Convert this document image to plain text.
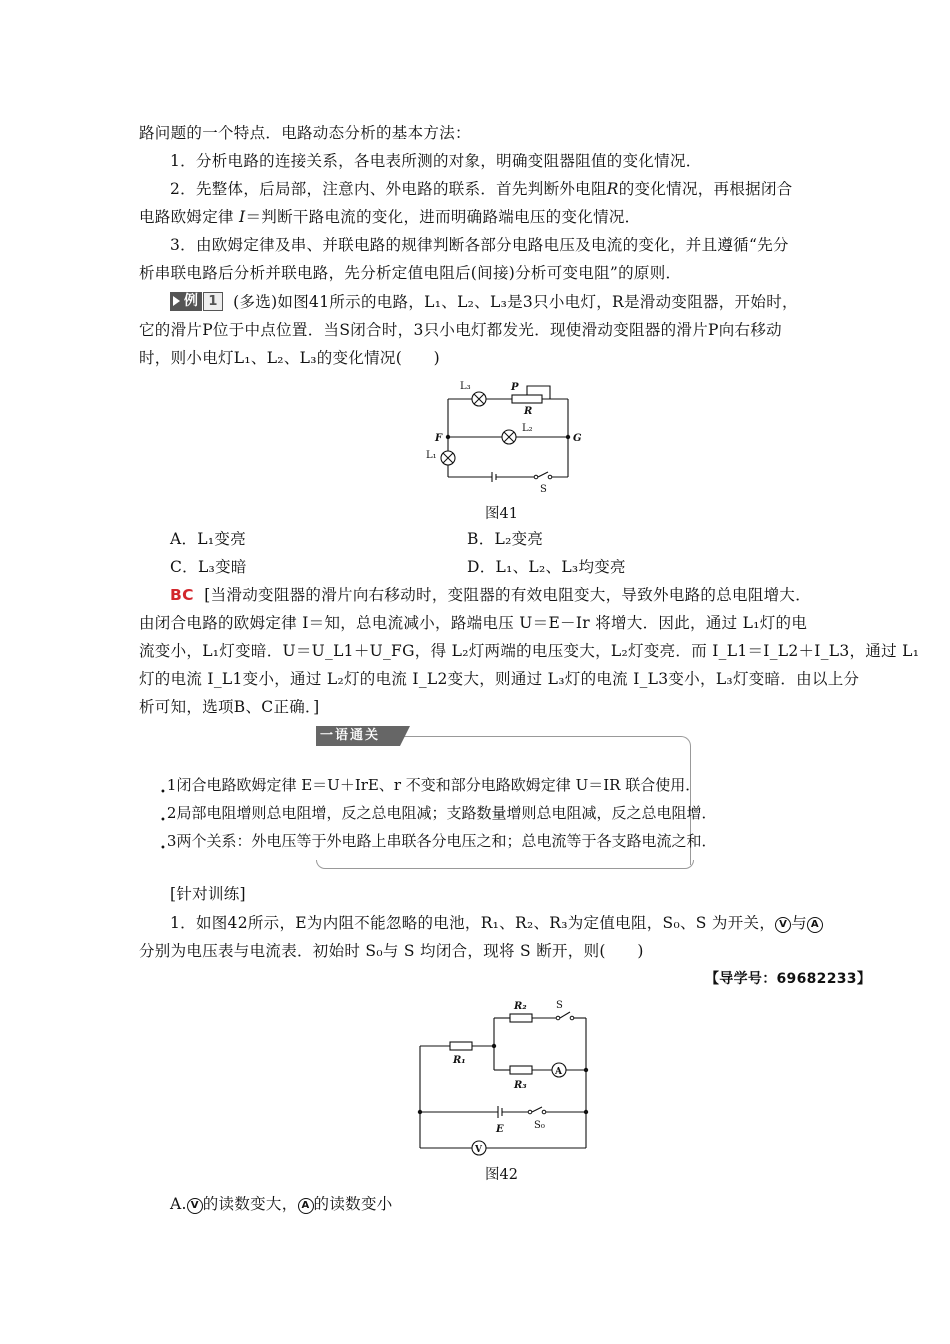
路问题的一个特点．电路动态分析的基本方法：
1．分析电路的连接关系，各电表所测的对象，明确变阻器阻值的变化情况．
2．先整体，后局部，注意内、外电路的联系．首先判断外电阻R的变化情况，再根据闭合
电路欧姆定律 I＝判断干路电流的变化，进而明确路端电压的变化情况．
3．由欧姆定律及串、并联电路的规律判断各部分电路电压及电流的变化，并且遵循“先分
析串联电路后分析并联电路，先分析定值电阻后(间接)分析可变电阻”的原则．
例 1 (多选)如图41所示的电路，L₁、L₂、L₃是3只小电灯，R是滑动变阻器，开始时，
它的滑片P位于中点位置．当S闭合时，3只小电灯都发光．现使滑动变阻器的滑片P向右移动
时，则小电灯L₁、L₂、L₃的变化情况(　　)
L₃	P
R
L₂
F	G
L₁
S
图41
A．L₁变亮	B．L₂变亮
C．L₃变暗	D．L₁、L₂、L₃均变亮
BC [当滑动变阻器的滑片向右移动时，变阻器的有效电阻变大，导致外电路的总电阻增大．
由闭合电路的欧姆定律 I＝知，总电流减小，路端电压 U＝E－Ir 将增大．因此，通过 L₁灯的电
流变小，L₁灯变暗．U＝U_L1＋U_FG，得 L₂灯两端的电压变大，L₂灯变亮．而 I_L1＝I_L2＋I_L3，通过 L₁
灯的电流 I_L1变小，通过 L₂灯的电流 I_L2变大，则通过 L₃灯的电流 I_L3变小，L₃灯变暗．由以上分
析可知，选项B、C正确．]
一语通关
$_•$1闭合电路欧姆定律 E＝U＋IrE、r 不变和部分电路欧姆定律 U＝IR 联合使用．
$_•$2局部电阻增则总电阻增，反之总电阻减；支路数量增则总电阻减，反之总电阻增．
$_•$3两个关系：外电压等于外电路上串联各分电压之和；总电流等于各支路电流之和．
[针对训练]
1．如图42所示，E为内阻不能忽略的电池，R₁、R₂、R₃为定值电阻，S₀、S 为开关， V 与 A
分别为电压表与电流表．初始时 S₀与 S 均闭合，现将 S 断开，则(　　)
【导学号：69682233】
R₂	S
R₁
A
R₃
E	S₀
V
图42
A. V 的读数变大， A 的读数变小
